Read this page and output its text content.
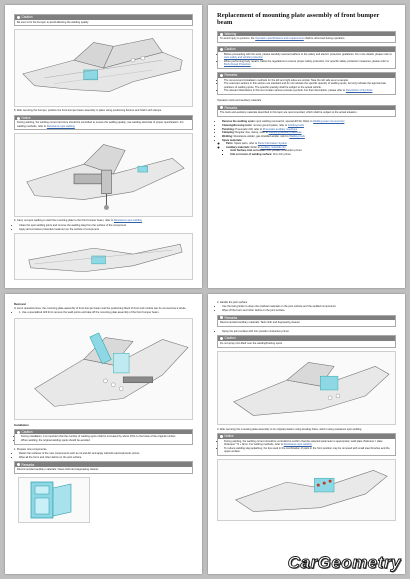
Caution

Be sure to fix the bumper to avoid affecting the welding quality.

5. After securing the bumper, position the front bumper beam assembly in place using positioning fixtures and hold it with clamps.

Notice

During welding, the welding current and time should be controlled to ensure the welding quality; use welding electrode of proper specification. For welding methods, refer to Resistance spot welding

6. Carry out spot welding to weld the mounting plate to the front bumper beam, refer to Resistance spot welding

• Clean the spot welding joints and remove the welding slag from the surface of the component.
• Apply anti-corrosive protective treatment on the surface of component.
Replacement of mounting plate assembly of front bumper beam
Warning

To avoid injury to persons, the Operation specifications and requirements shall be observed during operation.

Caution
• Before proceeding with the work, please carefully read and adhere to the safety and electric protection guidelines. For more details, please refer to Auto safety and vehicle protection
• When performing body repairs, follow the regulations to ensure proper safety protection. For specific safety protection measures, please refer to Body Repair Protection
Remarks
• The removal and installation methods for the left and right sides are similar. Take the left side as an example.
• The execution actions in this section are standard and do not indicate the specific quantity of welding spots, but only indicate the approximate positions of welding spots. The specific quantity shall be subject to the actual vehicle.
• The relevant illustrations in this text contain various process symbols. For their description, please refer to Description of Symbols

Operation tools and auxiliary materials

Remarks

The tools and auxiliary materials described in this topic are recommended, which shall be subject to the actual situation.

• Remove the welding spots: spot welding removal kit, special drill bit. Refer to Welding seam removal tool
• Cleaning/dressing tools: remove ground paste, refer to Grinding tools
• Punching: Pneumatic drill, refer to Pneumatic auxiliary machines
• Clamping: Regular vise, clamp, refer to Clamping auxiliary machines
• Welding: Resistance welder, gas shielded welder, refer to Welding tools
• Spare materials:
◦ Parts: Spare parts, refer to Parts Information System
◦ Auxiliary materials: Refer to Auxiliary materials list
▪ Joint Surface Anti-corrosion: Zinc powder conductive primer
▪ Anti-corrosion of welding surface: Zinc-rich primer

Removal

In some operation lines, the mounting plate assembly of front bumper beam and the positioning block of front end module can be removed as a whole.

• 1. Use a specialized drill bit to remove the weld points and take off the mounting plate assembly of the front bumper beam.

Installation

Caution
• During installation, it is important that the number of welding spots shall be increased by about 10% on the basis of the original number.
• When welding, the original welding spots should be avoided.

1. Prepare new components.

• Retain the surfaces of the new components such as oil and dirt and apply cathodic electrophoretic primer.
• Wipe all the burrs and other debris on the joint surface.
Remarks

Recommended auxiliary materials: Clean cloth and degreasing cleaner.

2. Handle the joint surface.

• Use the belt grinder to clean the residual materials on the joint surface and the welded components.
• Wipe off the burrs and other debris on the joint surface.
Remarks

Recommended auxiliary materials: Tack cloth and degreasing cleaner.

• Spray the joint surface with zinc powder conductive primer.
Caution

Do not spray zinc-filled over the welding/brazing spots.

3. After securing the mounting plate assembly to its original position using locating holes, weld it using resistance spot welding.

Notice
• During welding, the welding current should be controlled to confirm that the selected parameter is appropriate; weld plate thickness = plate thickness * N + 9mm. For welding methods, refer to Resistance spot welding
• To reduce welding slag splashing, the tips used in the combination of parts in the front position may be removed with small steel brushes and the upper surface.
CarGeometry
